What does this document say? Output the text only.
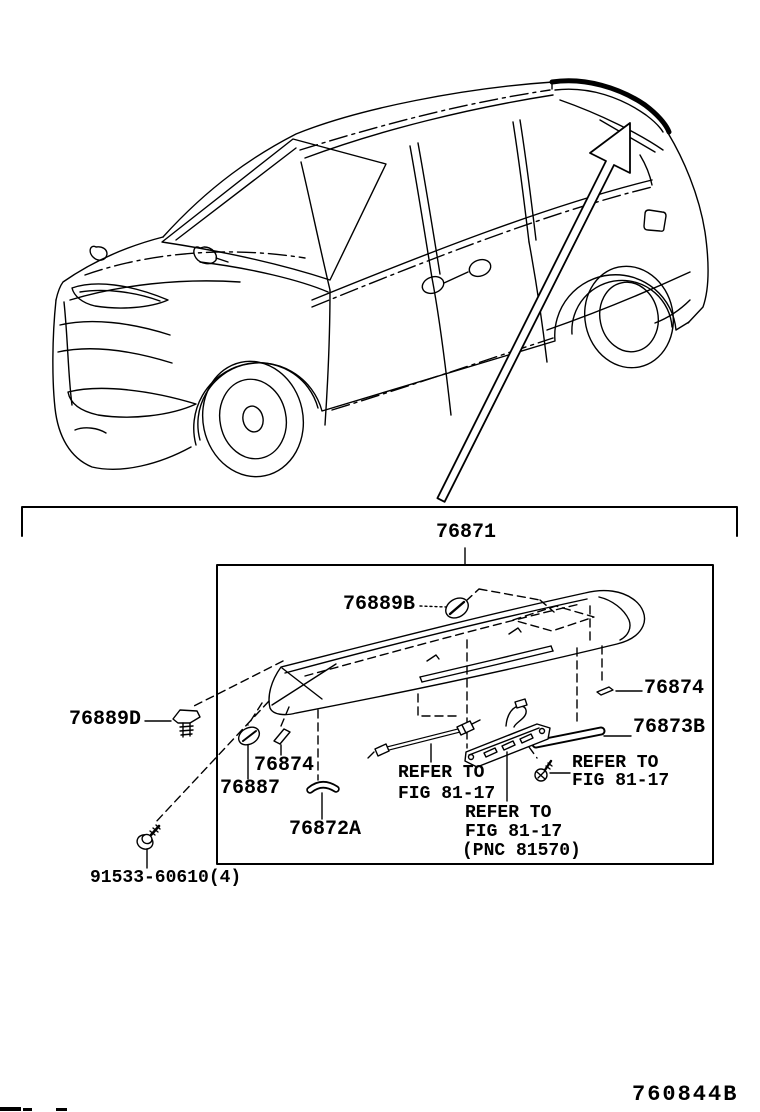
76871
76889B
76874
76873B
76889D
76874
76887
76872A
91533-60610(4)
REFER TO
FIG 81-17
REFER TO
FIG 81-17
REFER TO
FIG 81-17
(PNC 81570)
760844B
